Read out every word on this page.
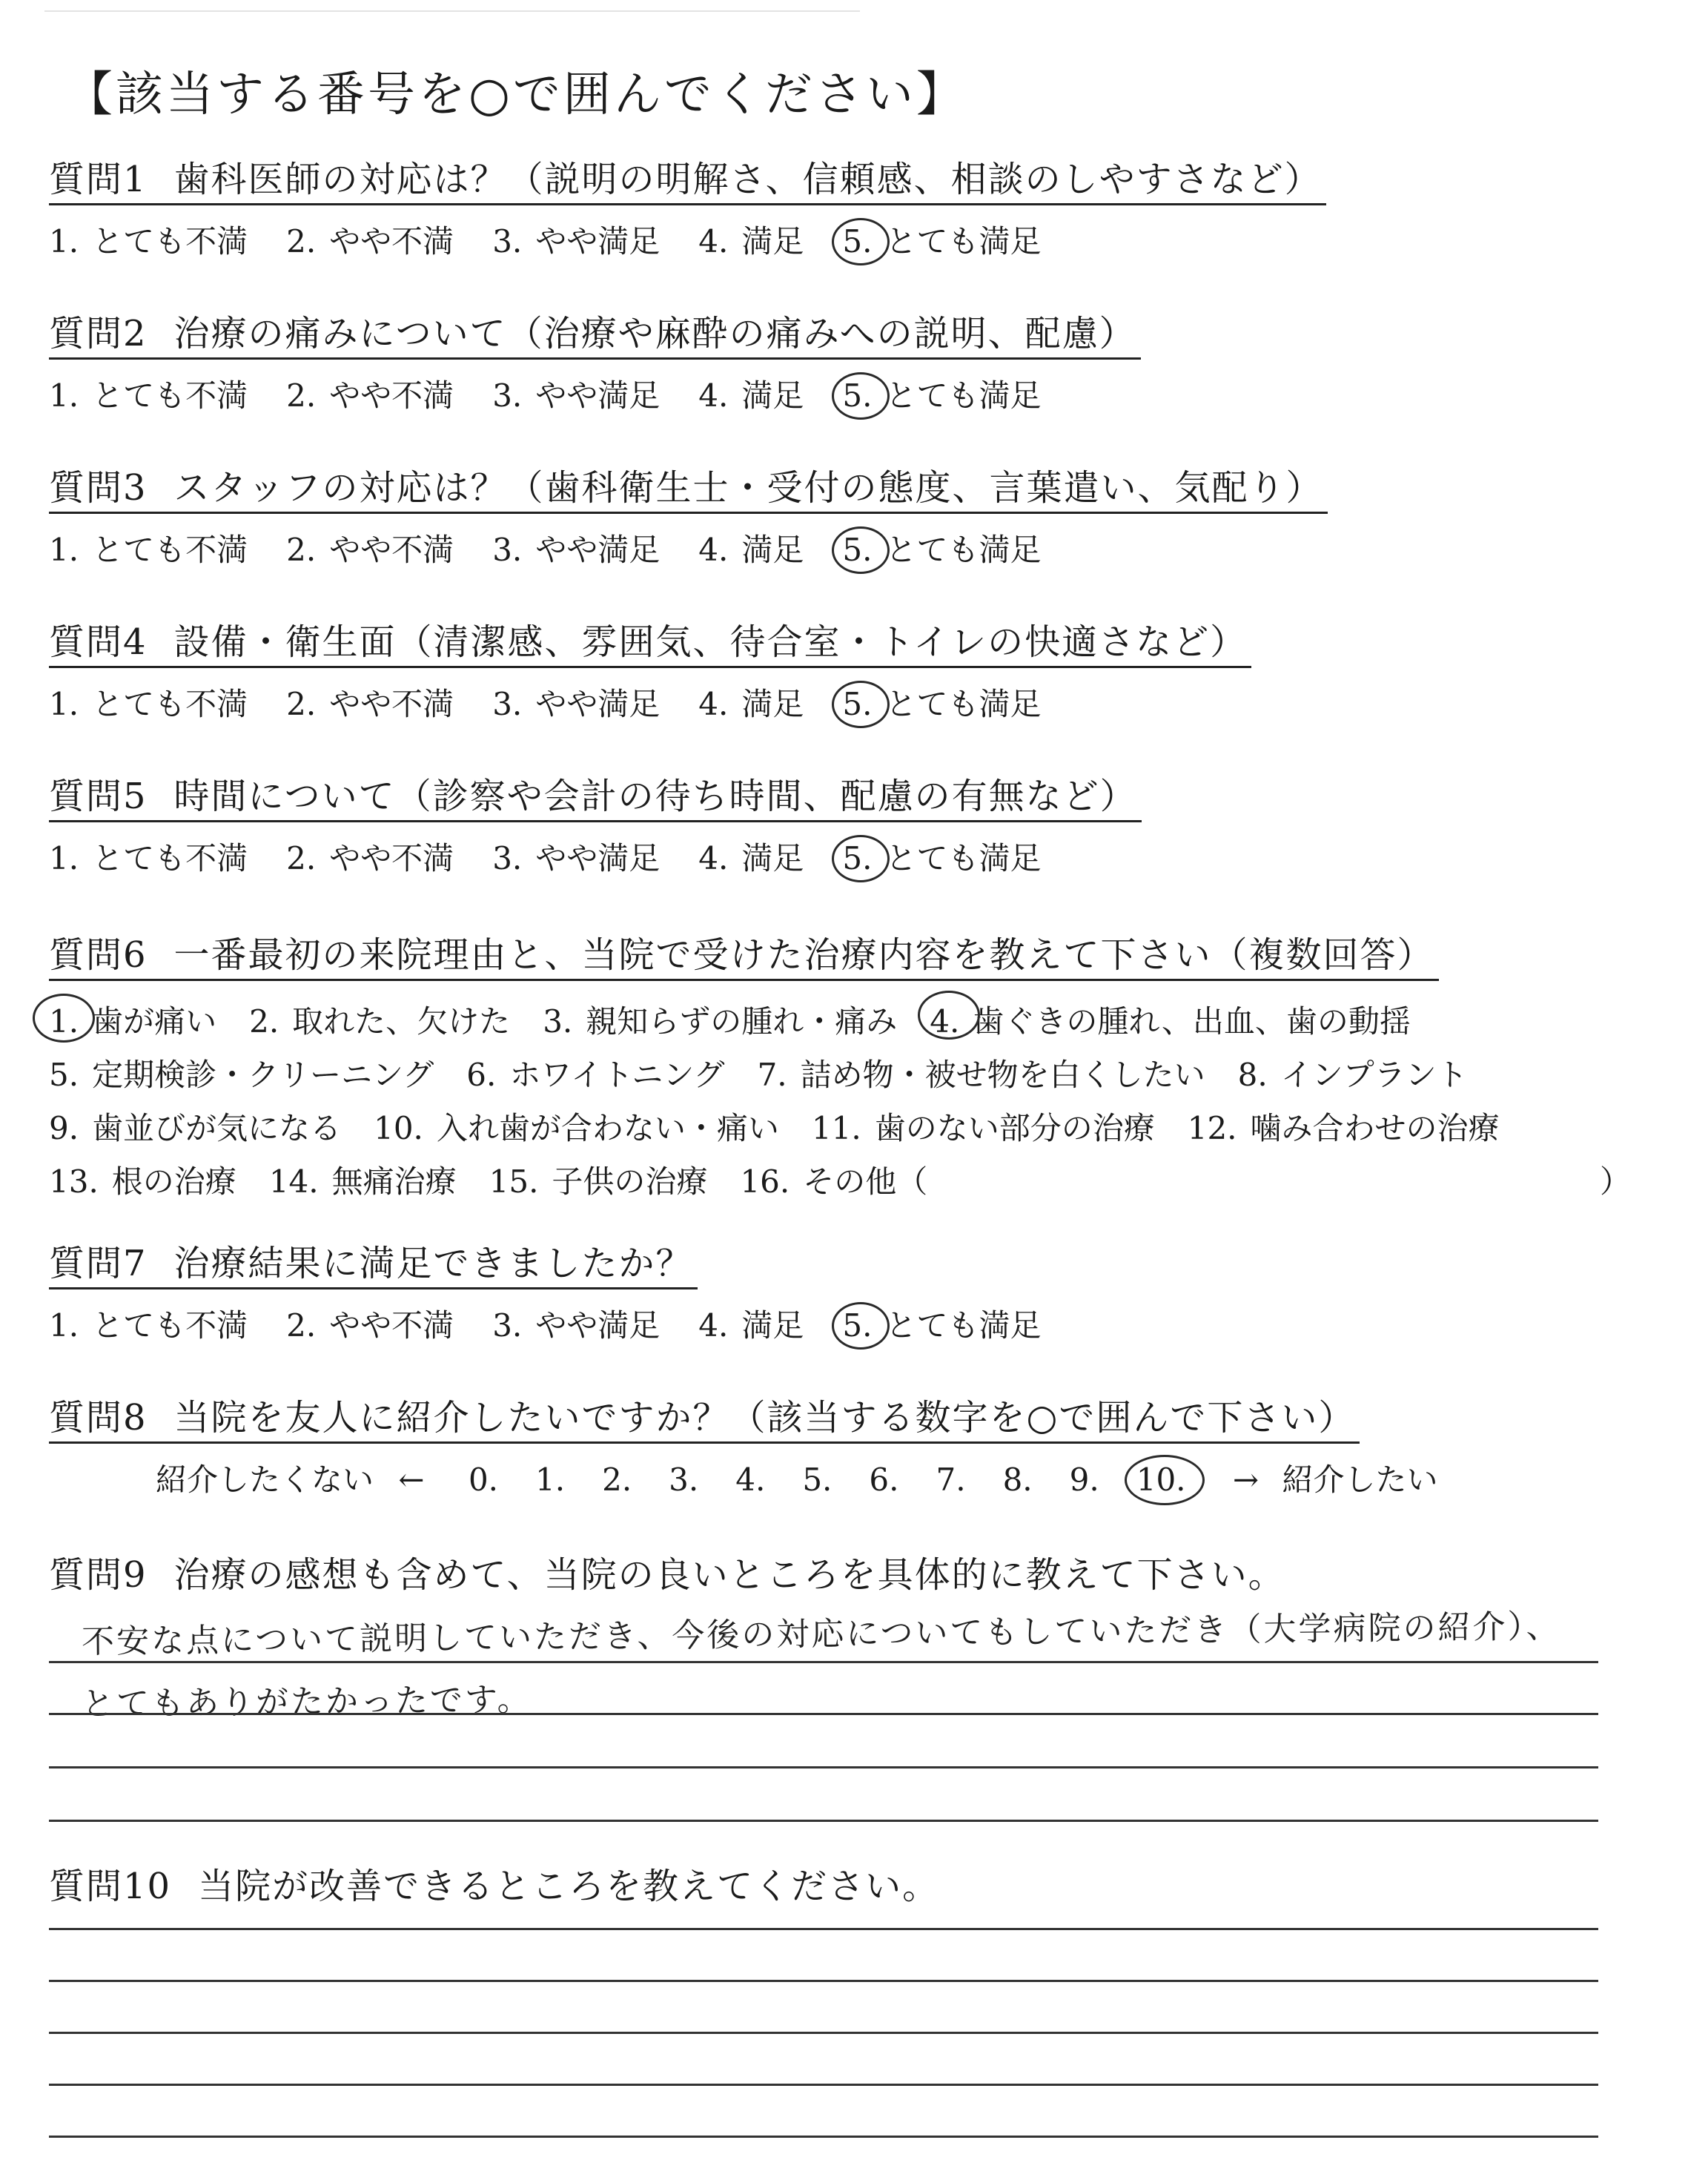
【該当する番号を○で囲んでください】
質問1 歯科医師の対応は？（説明の明解さ、信頼感、相談のしやすさなど）
1. とても不満 2. やや不満 3. やや満足 4. 満足 5. とても満足
質問2 治療の痛みについて（治療や麻酔の痛みへの説明、配慮）
1. とても不満 2. やや不満 3. やや満足 4. 満足 5. とても満足
質問3 スタッフの対応は？（歯科衛生士・受付の態度、言葉遣い、気配り）
1. とても不満 2. やや不満 3. やや満足 4. 満足 5. とても満足
質問4 設備・衛生面（清潔感、雰囲気、待合室・トイレの快適さなど）
1. とても不満 2. やや不満 3. やや満足 4. 満足 5. とても満足
質問5 時間について（診察や会計の待ち時間、配慮の有無など）
1. とても不満 2. やや不満 3. やや満足 4. 満足 5. とても満足
質問6 一番最初の来院理由と、当院で受けた治療内容を教えて下さい（複数回答）
1. 歯が痛い 2. 取れた、欠けた 3. 親知らずの腫れ・痛み 4. 歯ぐきの腫れ、出血、歯の動揺
5. 定期検診・クリーニング 6. ホワイトニング 7. 詰め物・被せ物を白くしたい 8. インプラント
9. 歯並びが気になる 10. 入れ歯が合わない・痛い 11. 歯のない部分の治療 12. 噛み合わせの治療
13. 根の治療 14. 無痛治療 15. 子供の治療 16. その他（	）
質問7 治療結果に満足できましたか？
1. とても不満 2. やや不満 3. やや満足 4. 満足 5. とても満足
質問8 当院を友人に紹介したいですか？（該当する数字を○で囲んで下さい）
紹介したくない ← 0. 1. 2. 3. 4. 5. 6. 7. 8. 9. 10. → 紹介したい
質問9 治療の感想も含めて、当院の良いところを具体的に教えて下さい。
不安な点について説明していただき、今後の対応についてもしていただき（大学病院の紹介）、
とてもありがたかったです。
質問10 当院が改善できるところを教えてください。
